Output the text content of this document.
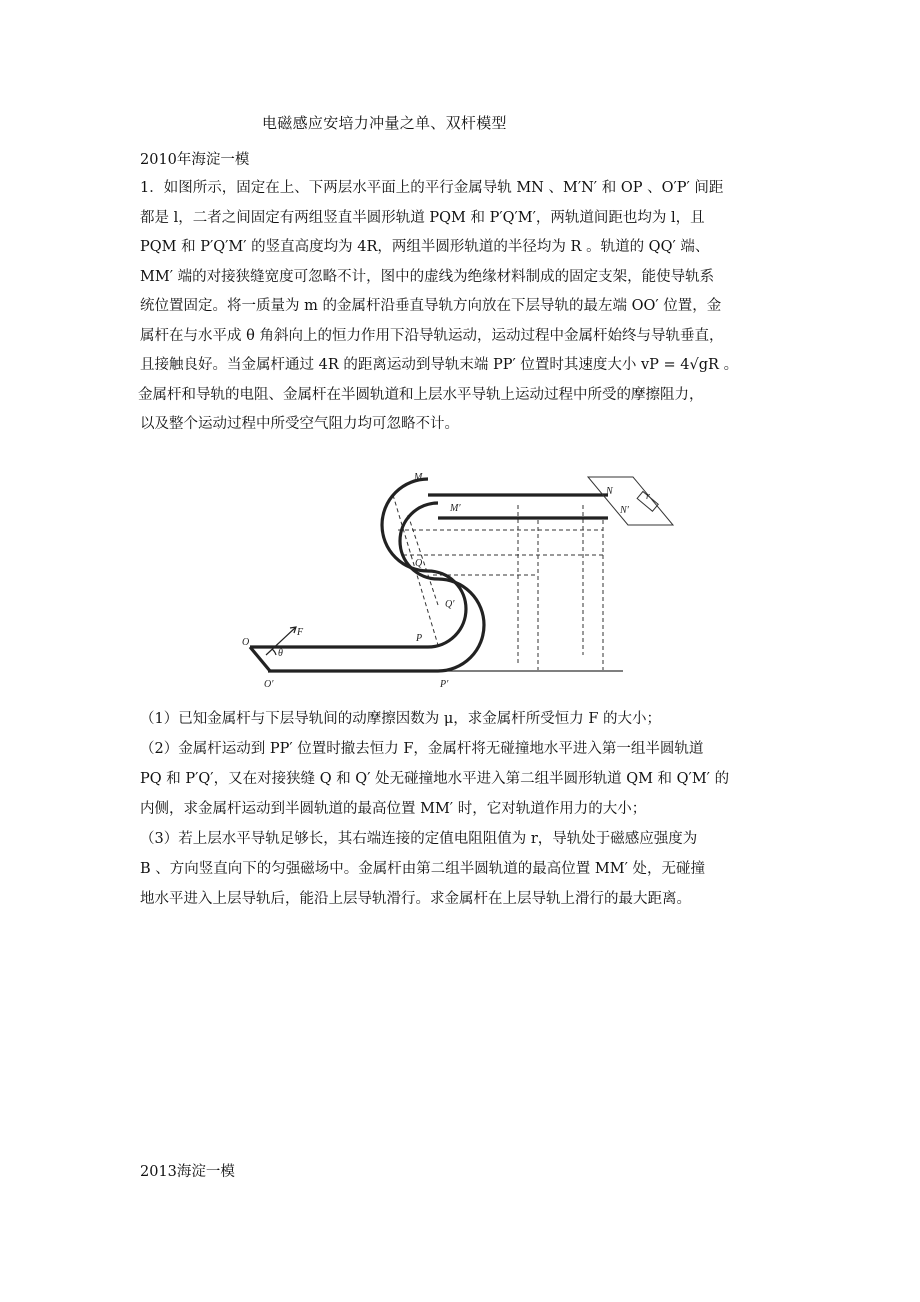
电磁感应安培力冲量之单、双杆模型
2010年海淀一模

1．如图所示，固定在上、下两层水平面上的平行金属导轨 MN 、M′N′ 和 OP 、O′P′ 间距

都是 l，二者之间固定有两组竖直半圆形轨道 PQM 和 P′Q′M′，两轨道间距也均为 l，且

PQM 和 P′Q′M′ 的竖直高度均为 4R，两组半圆形轨道的半径均为 R 。轨道的 QQ′ 端、

MM′ 端的对接狭缝宽度可忽略不计，图中的虚线为绝缘材料制成的固定支架，能使导轨系

统位置固定。将一质量为 m 的金属杆沿垂直导轨方向放在下层导轨的最左端 OO′ 位置，金

属杆在与水平成 θ 角斜向上的恒力作用下沿导轨运动，运动过程中金属杆始终与导轨垂直，

且接触良好。当金属杆通过 4R 的距离运动到导轨末端 PP′ 位置时其速度大小 vP = 4√gR 。

金属杆和导轨的电阻、金属杆在半圆轨道和上层水平导轨上运动过程中所受的摩擦阻力，

以及整个运动过程中所受空气阻力均可忽略不计。

M
M′
N
N′
r
Q
Q′
O
O′
F
θ
P
P′

（1）已知金属杆与下层导轨间的动摩擦因数为 μ，求金属杆所受恒力 F 的大小；

（2）金属杆运动到 PP′ 位置时撤去恒力 F，金属杆将无碰撞地水平进入第一组半圆轨道

PQ 和 P′Q′，又在对接狭缝 Q 和 Q′ 处无碰撞地水平进入第二组半圆形轨道 QM 和 Q′M′ 的

内侧，求金属杆运动到半圆轨道的最高位置 MM′ 时，它对轨道作用力的大小；

（3）若上层水平导轨足够长，其右端连接的定值电阻阻值为 r，导轨处于磁感应强度为

B 、方向竖直向下的匀强磁场中。金属杆由第二组半圆轨道的最高位置 MM′ 处，无碰撞

地水平进入上层导轨后，能沿上层导轨滑行。求金属杆在上层导轨上滑行的最大距离。

2013海淀一模
